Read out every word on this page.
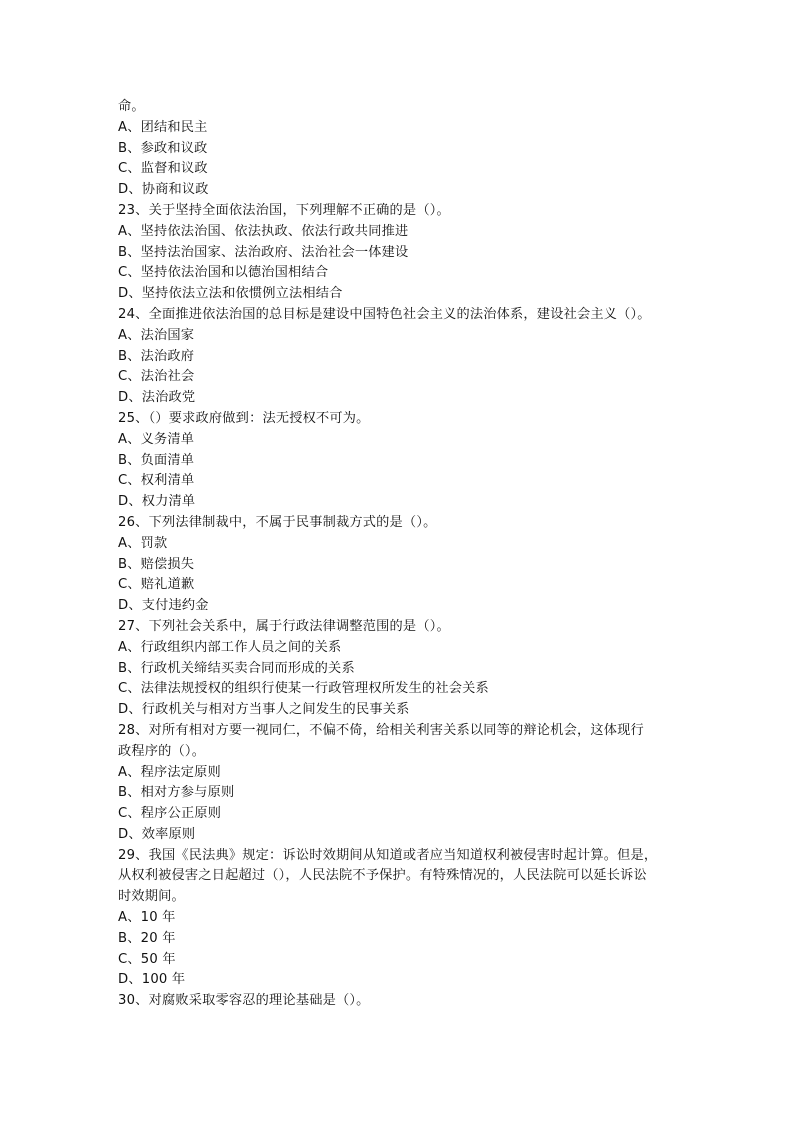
命。
A、团结和民主
B、参政和议政
C、监督和议政
D、协商和议政
23、关于坚持全面依法治国，下列理解不正确的是（）。
A、坚持依法治国、依法执政、依法行政共同推进
B、坚持法治国家、法治政府、法治社会一体建设
C、坚持依法治国和以德治国相结合
D、坚持依法立法和依惯例立法相结合
24、全面推进依法治国的总目标是建设中国特色社会主义的法治体系，建设社会主义（）。
A、法治国家
B、法治政府
C、法治社会
D、法治政党
25、（）要求政府做到：法无授权不可为。
A、义务清单
B、负面清单
C、权利清单
D、权力清单
26、下列法律制裁中，不属于民事制裁方式的是（）。
A、罚款
B、赔偿损失
C、赔礼道歉
D、支付违约金
27、下列社会关系中，属于行政法律调整范围的是（）。
A、行政组织内部工作人员之间的关系
B、行政机关缔结买卖合同而形成的关系
C、法律法规授权的组织行使某一行政管理权所发生的社会关系
D、行政机关与相对方当事人之间发生的民事关系
28、对所有相对方要一视同仁，不偏不倚，给相关利害关系以同等的辩论机会，这体现行
政程序的（）。
A、程序法定原则
B、相对方参与原则
C、程序公正原则
D、效率原则
29、我国《民法典》规定：诉讼时效期间从知道或者应当知道权利被侵害时起计算。但是，
从权利被侵害之日起超过（），人民法院不予保护。有特殊情况的，人民法院可以延长诉讼
时效期间。
A、10 年
B、20 年
C、50 年
D、100 年
30、对腐败采取零容忍的理论基础是（）。
